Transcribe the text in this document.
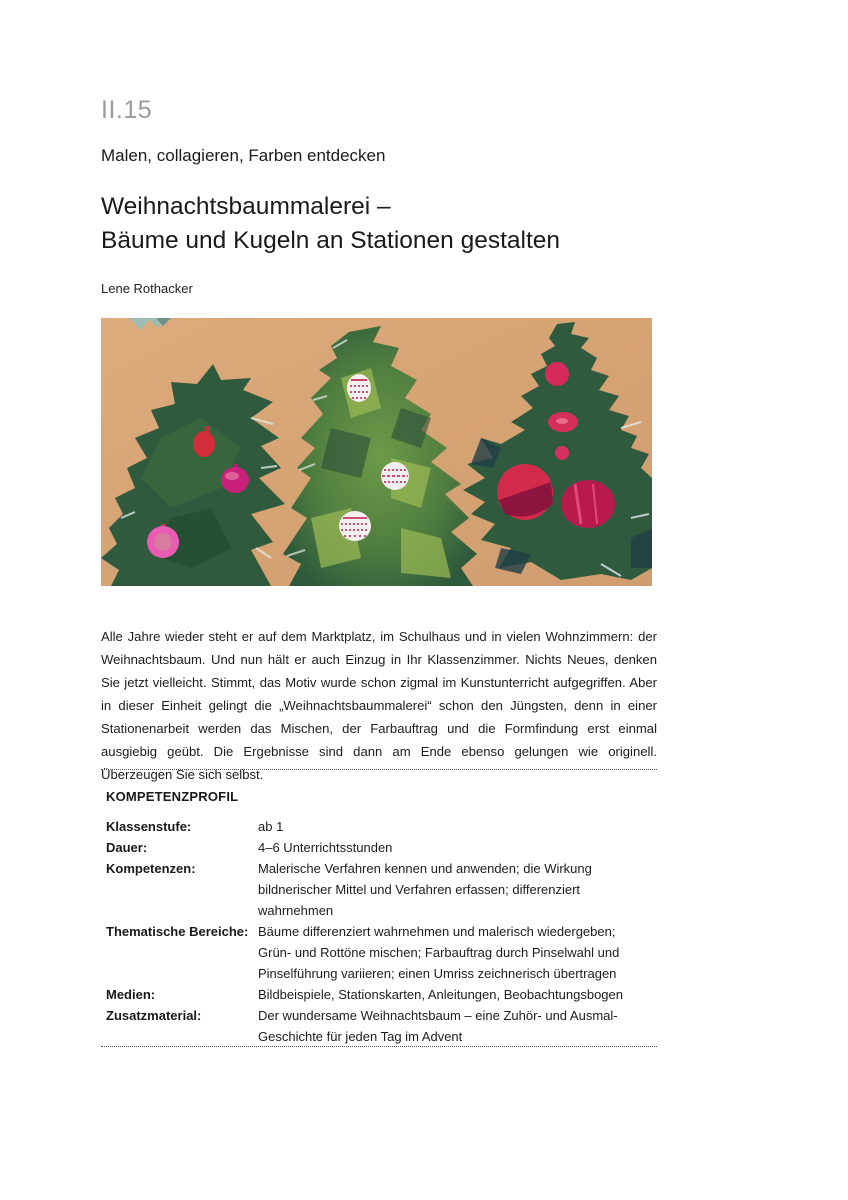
II.15
Malen, collagieren, Farben entdecken
Weihnachtsbaummalerei –
Bäume und Kugeln an Stationen gestalten
Lene Rothacker
Alle Jahre wieder steht er auf dem Marktplatz, im Schulhaus und in vielen Wohnzimmern: der Weihnachtsbaum. Und nun hält er auch Einzug in Ihr Klassenzimmer. Nichts Neues, denken Sie jetzt vielleicht. Stimmt, das Motiv wurde schon zigmal im Kunstunterricht aufgegriffen. Aber in dieser Einheit gelingt die „Weihnachtsbaummalerei“ schon den Jüngsten, denn in einer Stationenarbeit werden das Mischen, der Farbauftrag und die Formfindung erst einmal ausgiebig geübt. Die Ergebnisse sind dann am Ende ebenso gelungen wie originell. Überzeugen Sie sich selbst.
KOMPETENZPROFIL
Klassenstufe:	ab 1
Dauer:	4–6 Unterrichtsstunden
Kompetenzen:	Malerische Verfahren kennen und anwenden; die Wirkung bildnerischer Mittel und Verfahren erfassen; differenziert wahrnehmen
Thematische Bereiche: Bäume differenziert wahrnehmen und malerisch wiedergeben; Grün- und Rottöne mischen; Farbauftrag durch Pinselwahl und Pinselführung variieren; einen Umriss zeichnerisch übertragen
Medien:	Bildbeispiele, Stationskarten, Anleitungen, Beobachtungsbogen
Zusatzmaterial:	Der wundersame Weihnachtsbaum – eine Zuhör- und Ausmal-Geschichte für jeden Tag im Advent
